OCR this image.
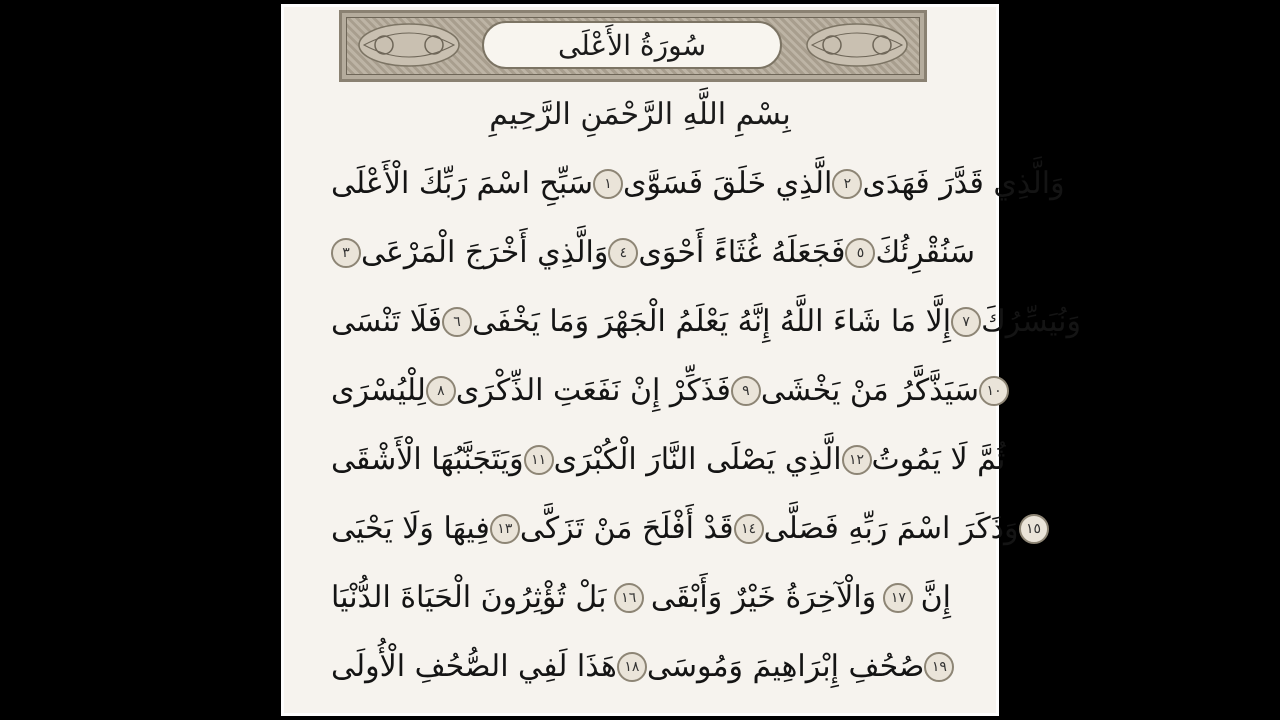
سُورَةُ الأَعْلَى
بِسْمِ اللَّهِ الرَّحْمَنِ الرَّحِيمِ
سَبِّحِ اسْمَ رَبِّكَ الْأَعْلَى ١ الَّذِي خَلَقَ فَسَوَّى ٢ وَالَّذِي قَدَّرَ فَهَدَى
٣ وَالَّذِي أَخْرَجَ الْمَرْعَى ٤ فَجَعَلَهُ غُثَاءً أَحْوَى ٥ سَنُقْرِئُكَ
فَلَا تَنْسَى ٦ إِلَّا مَا شَاءَ اللَّهُ إِنَّهُ يَعْلَمُ الْجَهْرَ وَمَا يَخْفَى ٧ وَنُيَسِّرُكَ
لِلْيُسْرَى ٨ فَذَكِّرْ إِنْ نَفَعَتِ الذِّكْرَى ٩ سَيَذَّكَّرُ مَنْ يَخْشَى ١٠
وَيَتَجَنَّبُهَا الْأَشْقَى ١١ الَّذِي يَصْلَى النَّارَ الْكُبْرَى ١٢ ثُمَّ لَا يَمُوتُ
فِيهَا وَلَا يَحْيَى ١٣ قَدْ أَفْلَحَ مَنْ تَزَكَّى ١٤ وَذَكَرَ اسْمَ رَبِّهِ فَصَلَّى ١٥
بَلْ تُؤْثِرُونَ الْحَيَاةَ الدُّنْيَا	١٦ وَالْآخِرَةُ خَيْرٌ وَأَبْقَى	١٧ إِنَّ
هَذَا لَفِي الصُّحُفِ الْأُولَى ١٨ صُحُفِ إِبْرَاهِيمَ وَمُوسَى ١٩
